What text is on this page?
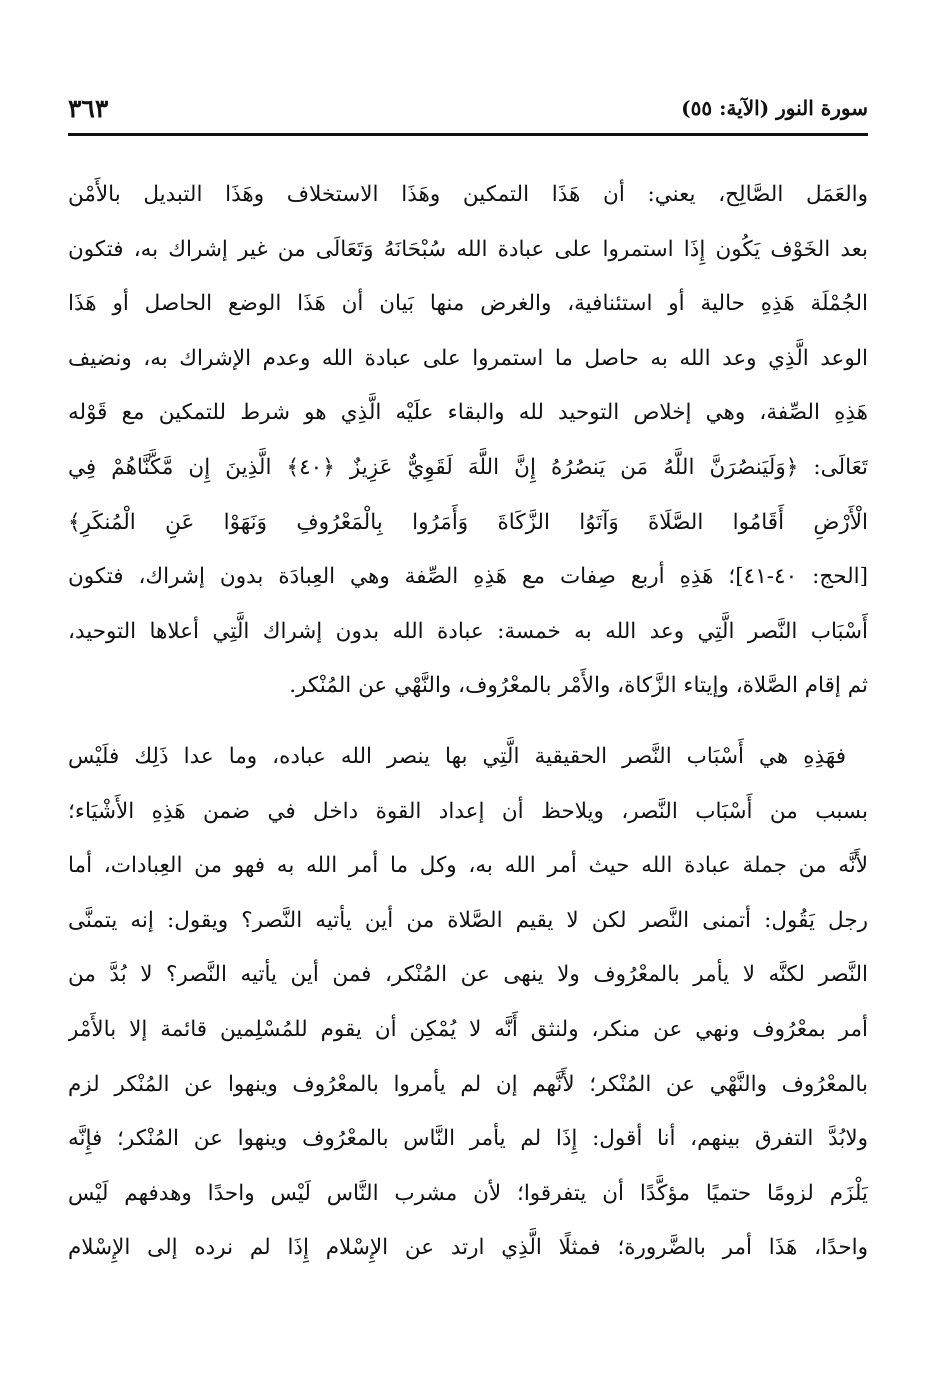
سورة النور (الآية: ٥٥)
٣٦٣
والعَمَل الصَّالِح، يعني: أن هَذَا التمكين وهَذَا الاستخلاف وهَذَا التبديل بالأَمْن
بعد الخَوْف يَكُون إِذَا استمروا على عبادة الله سُبْحَانَهُ وَتَعَالَى من غير إشراك به، فتكون
الجُمْلَة هَذِهِ حالية أو استئنافية، والغرض منها بَيان أن هَذَا الوضع الحاصل أو هَذَا
الوعد الَّذِي وعد الله به حاصل ما استمروا على عبادة الله وعدم الإشراك به، ونضيف
هَذِهِ الصِّفة، وهي إخلاص التوحيد لله والبقاء علَيْه الَّذِي هو شرط للتمكين مع قَوْله
تَعَالَى: ﴿وَلَيَنصُرَنَّ اللَّهُ مَن يَنصُرُهُ إِنَّ اللَّهَ لَقَوِيٌّ عَزِيزٌ ﴿٤٠﴾ الَّذِينَ إِن مَّكَّنَّاهُمْ فِي
الْأَرْضِ أَقَامُوا الصَّلَاةَ وَآتَوُا الزَّكَاةَ وَأَمَرُوا بِالْمَعْرُوفِ وَنَهَوْا عَنِ الْمُنكَرِ﴾
[الحج: ٤٠-٤١]؛ هَذِهِ أربع صِفات مع هَذِهِ الصِّفة وهي العِبادَة بدون إشراك، فتكون
أَسْبَاب النَّصر الَّتِي وعد الله به خمسة: عبادة الله بدون إشراك الَّتِي أعلاها التوحيد،
ثم إقام الصَّلاة، وإيتاء الزَّكاة، والأَمْر بالمعْرُوف، والنَّهْي عن المُنْكر.
فهَذِهِ هي أَسْبَاب النَّصر الحقيقية الَّتِي بها ينصر الله عباده، وما عدا ذَلِك فلَيْس
بسبب من أَسْبَاب النَّصر، ويلاحظ أن إعداد القوة داخل في ضمن هَذِهِ الأَشْيَاء؛
لأَنَّه من جملة عبادة الله حيث أمر الله به، وكل ما أمر الله به فهو من العِبادات، أما
رجل يَقُول: أتمنى النَّصر لكن لا يقيم الصَّلاة من أين يأتيه النَّصر؟ ويقول: إنه يتمنَّى
النَّصر لكنَّه لا يأمر بالمعْرُوف ولا ينهى عن المُنْكر، فمن أين يأتيه النَّصر؟ لا بُدَّ من
أمر بمعْرُوف ونهي عن منكر، ولنثق أَنَّه لا يُمْكِن أن يقوم للمُسْلِمين قائمة إلا بالأَمْر
بالمعْرُوف والنَّهْي عن المُنْكر؛ لأَنَّهم إن لم يأمروا بالمعْرُوف وينهوا عن المُنْكر لزم
ولابُدَّ التفرق بينهم، أنا أقول: إِذَا لم يأمر النَّاس بالمعْرُوف وينهوا عن المُنْكر؛ فإِنَّه
يَلْزَم لزومًا حتميًا مؤكَّدًا أن يتفرقوا؛ لأن مشرب النَّاس لَيْس واحدًا وهدفهم لَيْس
واحدًا، هَذَا أمر بالضَّرورة؛ فمثلًا الَّذِي ارتد عن الإِسْلام إِذَا لم نرده إلى الإِسْلام
